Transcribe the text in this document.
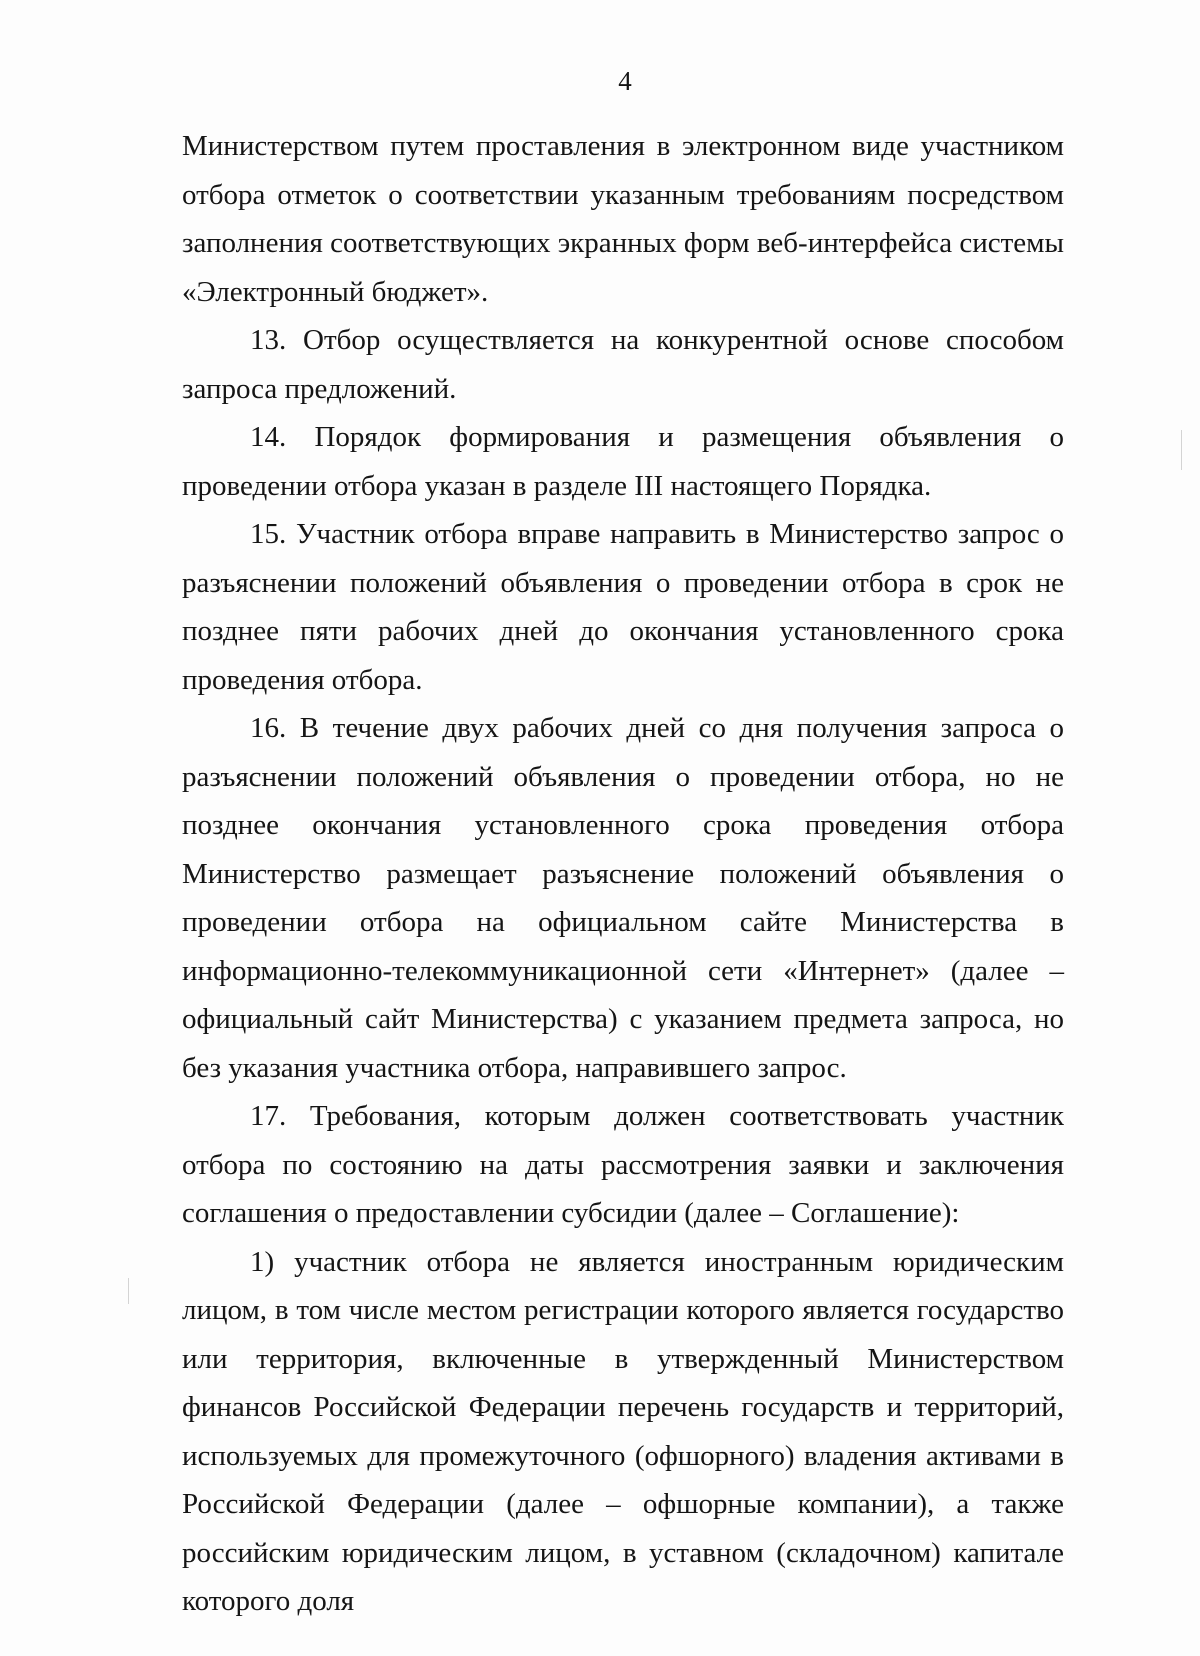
4

Министерством путем проставления в электронном виде участником отбора отметок о соответствии указанным требованиям посредством заполнения соответствующих экранных форм веб-интерфейса системы «Электронный бюджет».

13. Отбор осуществляется на конкурентной основе способом запроса предложений.

14. Порядок формирования и размещения объявления о проведении отбора указан в разделе III настоящего Порядка.

15. Участник отбора вправе направить в Министерство запрос о разъяснении положений объявления о проведении отбора в срок не позднее пяти рабочих дней до окончания установленного срока проведения отбора.

16. В течение двух рабочих дней со дня получения запроса о разъяснении положений объявления о проведении отбора, но не позднее окончания установленного срока проведения отбора Министерство размещает разъяснение положений объявления о проведении отбора на официальном сайте Министерства в информационно-телекоммуникационной сети «Интернет» (далее – официальный сайт Министерства) с указанием предмета запроса, но без указания участника отбора, направившего запрос.

17. Требования, которым должен соответствовать участник отбора по состоянию на даты рассмотрения заявки и заключения соглашения о предоставлении субсидии (далее – Соглашение):

1) участник отбора не является иностранным юридическим лицом, в том числе местом регистрации которого является государство или территория, включенные в утвержденный Министерством финансов Российской Федерации перечень государств и территорий, используемых для промежуточного (офшорного) владения активами в Российской Федерации (далее – офшорные компании), а также российским юридическим лицом, в уставном (складочном) капитале которого доля
